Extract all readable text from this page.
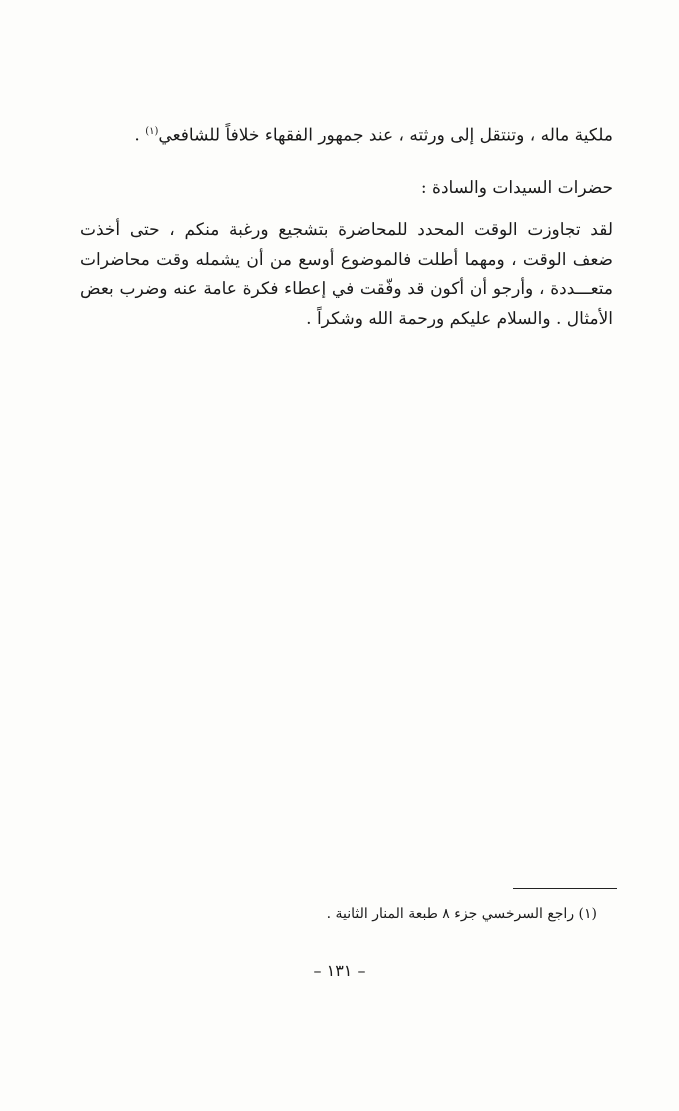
ملكية ماله ، وتنتقل إلى ورثته ، عند جمهور الفقهاء خلافاً للشافعي$^{(١)}$ .
حضرات السيدات والسادة :
لقد تجاوزت الوقت المحدد للمحاضرة بتشجيع ورغبة منكم ، حتى أخذت ضعف الوقت ، ومهما أطلت فالموضوع أوسع من أن يشمله وقت محاضرات متعـــددة ، وأرجو أن أكون قد وفّقت في إعطاء فكرة عامة عنه وضرب بعض الأمثال . والسلام عليكم ورحمة الله وشكراً .
(١) راجع السرخسي جزء ٨ طبعة المنار الثانية .
– ١٣١ –
